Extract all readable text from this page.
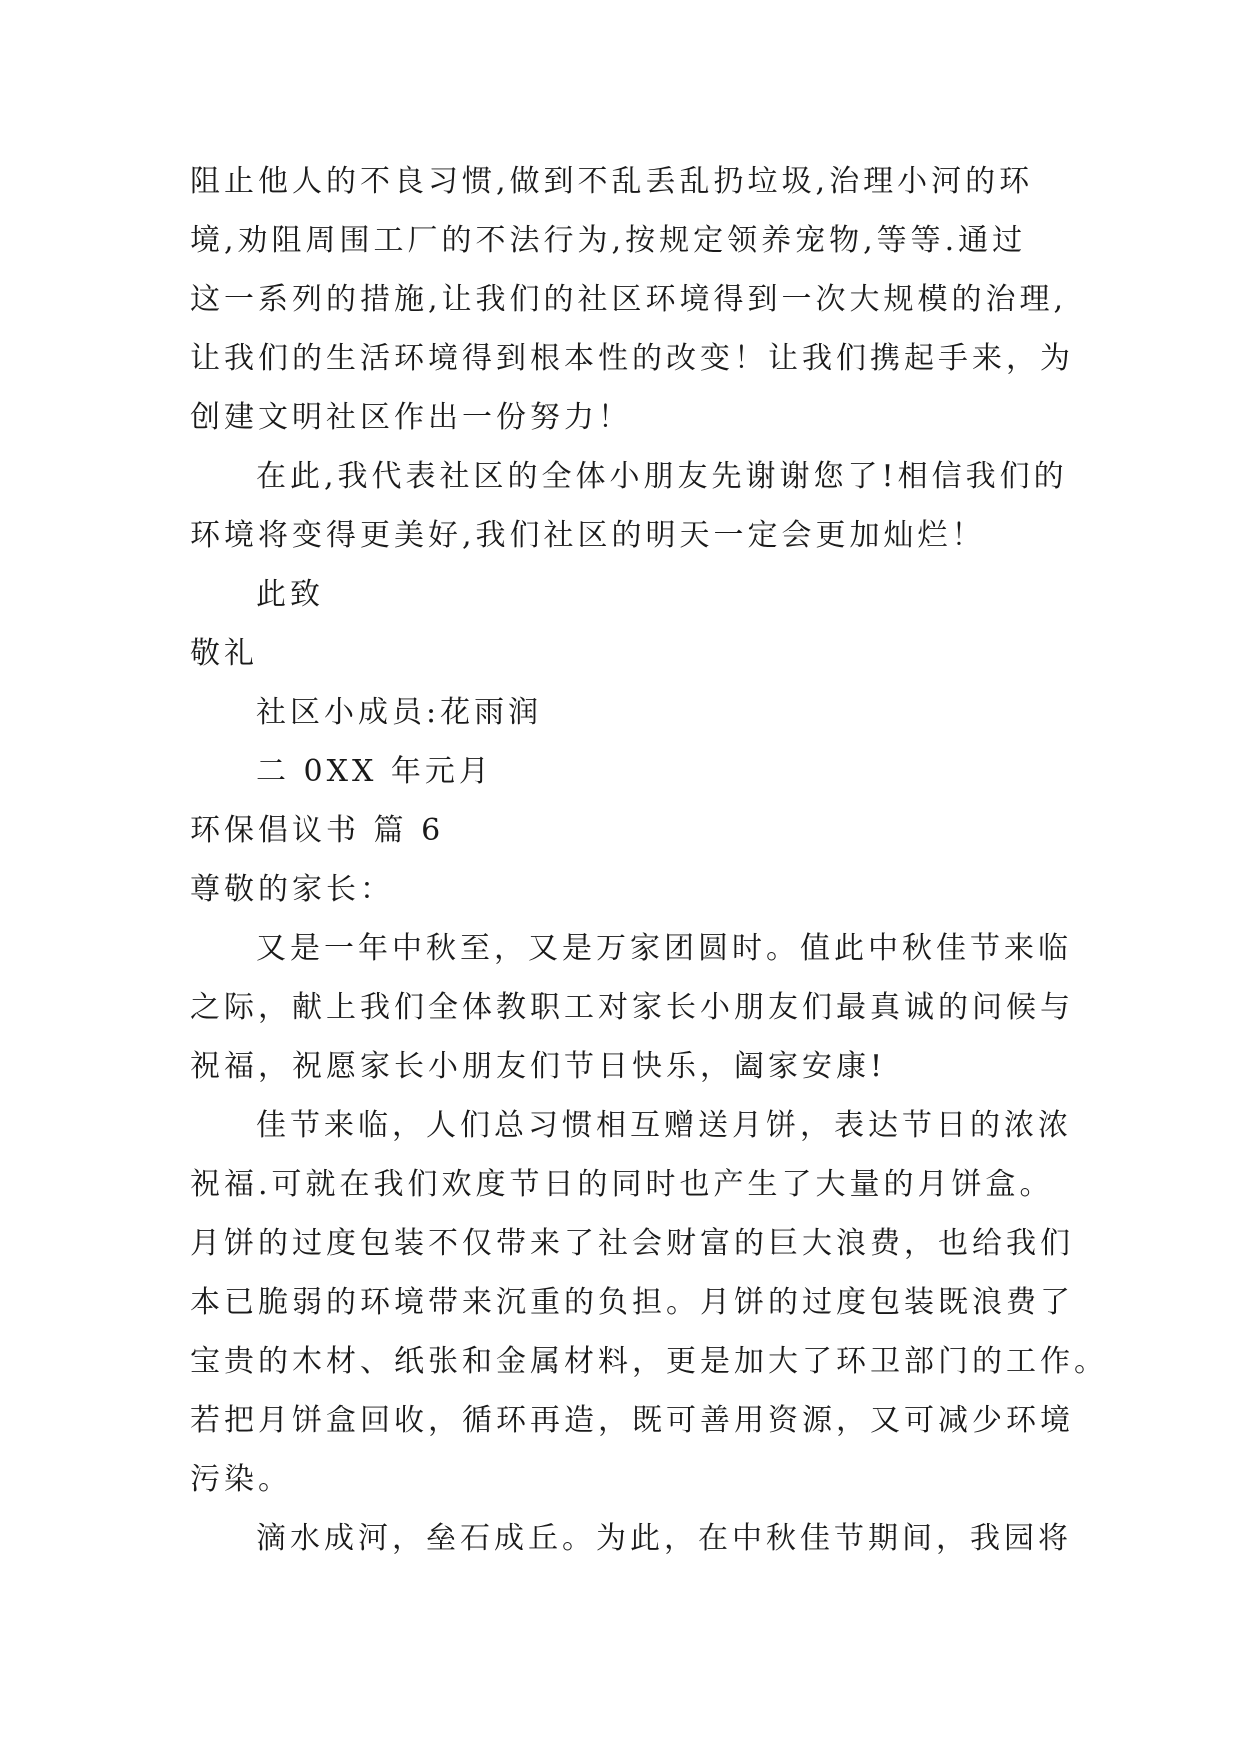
阻止他人的不良习惯,做到不乱丢乱扔垃圾,治理小河的环
境,劝阻周围工厂的不法行为,按规定领养宠物,等等.通过
这一系列的措施,让我们的社区环境得到一次大规模的治理,
让我们的生活环境得到根本性的改变！让我们携起手来，为
创建文明社区作出一份努力！
在此,我代表社区的全体小朋友先谢谢您了!相信我们的
环境将变得更美好,我们社区的明天一定会更加灿烂！
此致
敬礼
社区小成员:花雨润
二 0XX 年元月
环保倡议书 篇 6
尊敬的家长：
又是一年中秋至，又是万家团圆时。值此中秋佳节来临
之际，献上我们全体教职工对家长小朋友们最真诚的问候与
祝福，祝愿家长小朋友们节日快乐，阖家安康!
佳节来临，人们总习惯相互赠送月饼，表达节日的浓浓
祝福.可就在我们欢度节日的同时也产生了大量的月饼盒。
月饼的过度包装不仅带来了社会财富的巨大浪费，也给我们
本已脆弱的环境带来沉重的负担。月饼的过度包装既浪费了
宝贵的木材、纸张和金属材料，更是加大了环卫部门的工作。
若把月饼盒回收，循环再造，既可善用资源，又可减少环境
污染。
滴水成河，垒石成丘。为此，在中秋佳节期间，我园将
